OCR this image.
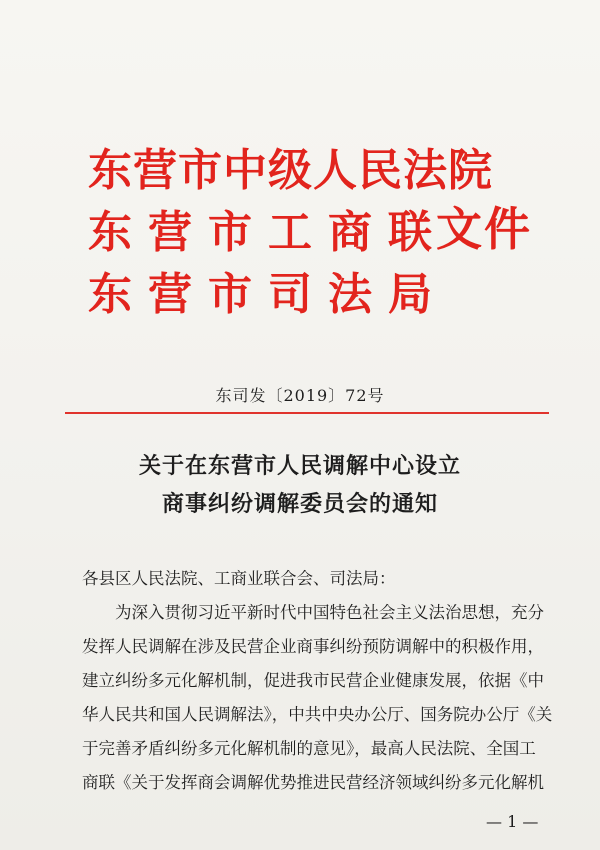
东营市中级人民法院
东营市工商联
东营市司法局
文件
东司发〔2019〕72号
关于在东营市人民调解中心设立
商事纠纷调解委员会的通知

各县区人民法院、工商业联合会、司法局：

为深入贯彻习近平新时代中国特色社会主义法治思想，充分

发挥人民调解在涉及民营企业商事纠纷预防调解中的积极作用，

建立纠纷多元化解机制，促进我市民营企业健康发展，依据《中

华人民共和国人民调解法》，中共中央办公厅、国务院办公厅《关

于完善矛盾纠纷多元化解机制的意见》，最高人民法院、全国工

商联《关于发挥商会调解优势推进民营经济领域纠纷多元化解机

— 1 —
